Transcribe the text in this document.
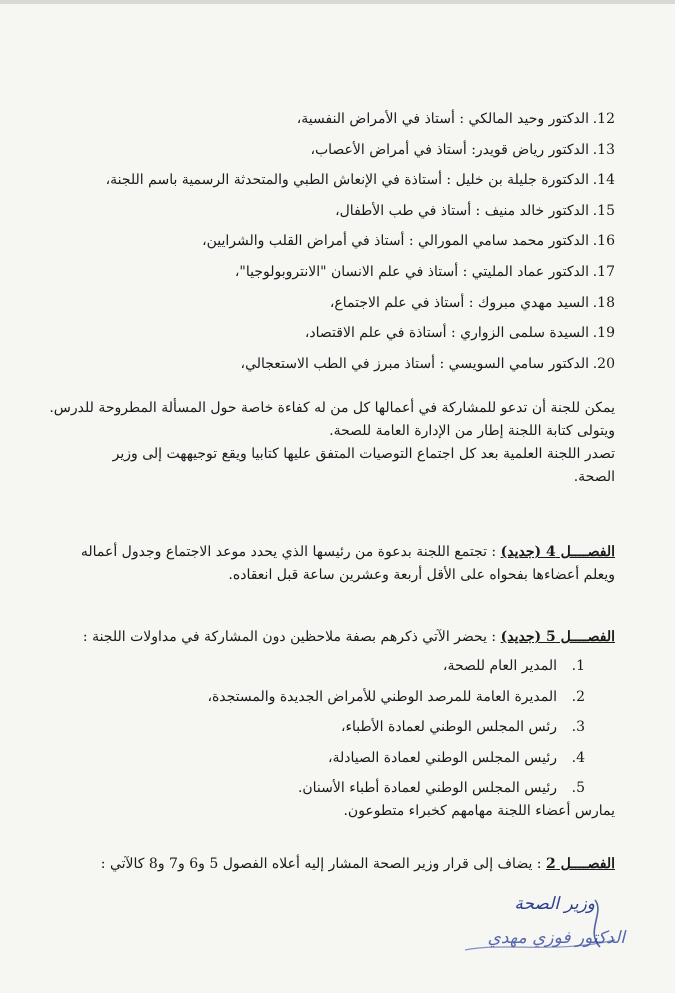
12.الدكتور وحيد المالكي : أستاذ في الأمراض النفسية،
13.الدكتور رياض قويدر: أستاذ في أمراض الأعصاب،
14.الدكتورة جليلة بن خليل : أستاذة في الإنعاش الطبي والمتحدثة الرسمية باسم اللجنة،
15.الدكتور خالد منيف : أستاذ في طب الأطفال،
16.الدكتور محمد سامي المورالي : أستاذ في أمراض القلب والشرايين،
17.الدكتور عماد المليتي : أستاذ في علم الانسان "الانتروبولوجيا"،
18.السيد مهدي مبروك : أستاذ في علم الاجتماع،
19.السيدة سلمى الزواري : أستاذة في علم الاقتصاد،
20.الدكتور سامي السويسي : أستاذ مبرز في الطب الاستعجالي،
يمكن للجنة أن تدعو للمشاركة في أعمالها كل من له كفاءة خاصة حول المسألة المطروحة للدرس.
ويتولى كتابة اللجنة إطار من الإدارة العامة للصحة.
تصدر اللجنة العلمية بعد كل اجتماع التوصيات المتفق عليها كتابيا ويقع توجيههت إلى وزير
الصحة.
الفصــــل 4 (جديد) : تجتمع اللجنة بدعوة من رئيسها الذي يحدد موعد الاجتماع وجدول أعماله
ويعلم أعضاءها بفحواه على الأقل أربعة وعشرين ساعة قبل انعقاده.
الفصــــل 5 (جديد) : يحضر الآتي ذكرهم بصفة ملاحظين دون المشاركة في مداولات اللجنة :
1.المدير العام للصحة،
2.المديرة العامة للمرصد الوطني للأمراض الجديدة والمستجدة،
3.رئس المجلس الوطني لعمادة الأطباء،
4.رئيس المجلس الوطني لعمادة الصيادلة،
5.رئيس المجلس الوطني لعمادة أطباء الأسنان.
يمارس أعضاء اللجنة مهامهم كخبراء متطوعون.
الفصــــل 2 : يضاف إلى قرار وزير الصحة المشار إليه أعلاه الفصول 5 و6 و7 و8 كالآتي :
وزير الصحة
الدكتور فوزي مهدي
